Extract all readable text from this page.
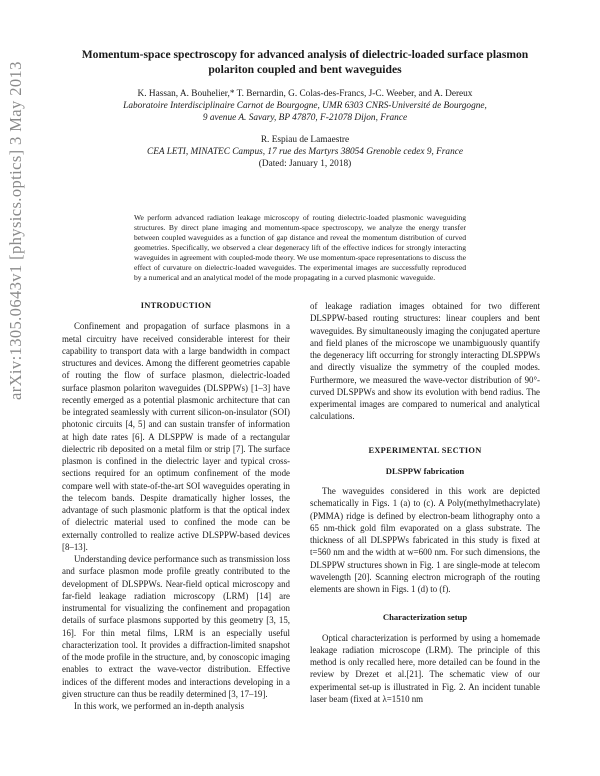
arXiv:1305.0643v1 [physics.optics] 3 May 2013
Momentum-space spectroscopy for advanced analysis of dielectric-loaded surface plasmon polariton coupled and bent waveguides
K. Hassan, A. Bouhelier,* T. Bernardin, G. Colas-des-Francs, J-C. Weeber, and A. Dereux
Laboratoire Interdisciplinaire Carnot de Bourgogne, UMR 6303 CNRS-Université de Bourgogne,
9 avenue A. Savary, BP 47870, F-21078 Dijon, France
R. Espiau de Lamaestre
CEA LETI, MINATEC Campus, 17 rue des Martyrs 38054 Grenoble cedex 9, France
(Dated: January 1, 2018)

We perform advanced radiation leakage microscopy of routing dielectric-loaded plasmonic waveguiding structures. By direct plane imaging and momentum-space spectroscopy, we analyze the energy transfer between coupled waveguides as a function of gap distance and reveal the momentum distribution of curved geometries. Specifically, we observed a clear degeneracy lift of the effective indices for strongly interacting waveguides in agreement with coupled-mode theory. We use momentum-space representations to discuss the effect of curvature on dielectric-loaded waveguides. The experimental images are successfully reproduced by a numerical and an analytical model of the mode propagating in a curved plasmonic waveguide.

INTRODUCTION

Confinement and propagation of surface plasmons in a metal circuitry have received considerable interest for their capability to transport data with a large bandwidth in compact structures and devices. Among the different geometries capable of routing the flow of surface plasmon, dielectric-loaded surface plasmon polariton waveguides (DLSPPWs) [1–3] have recently emerged as a potential plasmonic architecture that can be integrated seamlessly with current silicon-on-insulator (SOI) photonic circuits [4, 5] and can sustain transfer of information at high date rates [6]. A DLSPPW is made of a rectangular dielectric rib deposited on a metal film or strip [7]. The surface plasmon is confined in the dielectric layer and typical cross-sections required for an optimum confinement of the mode compare well with state-of-the-art SOI waveguides operating in the telecom bands. Despite dramatically higher losses, the advantage of such plasmonic platform is that the optical index of dielectric material used to confined the mode can be externally controlled to realize active DLSPPW-based devices [8–13].

Understanding device performance such as transmission loss and surface plasmon mode profile greatly contributed to the development of DLSPPWs. Near-field optical microscopy and far-field leakage radiation microscopy (LRM) [14] are instrumental for visualizing the confinement and propagation details of surface plasmons supported by this geometry [3, 15, 16]. For thin metal films, LRM is an especially useful characterization tool. It provides a diffraction-limited snapshot of the mode profile in the structure, and, by conoscopic imaging enables to extract the wave-vector distribution. Effective indices of the different modes and interactions developing in a given structure can thus be readily determined [3, 17–19].

In this work, we performed an in-depth analysis

of leakage radiation images obtained for two different DLSPPW-based routing structures: linear couplers and bent waveguides. By simultaneously imaging the conjugated aperture and field planes of the microscope we unambiguously quantify the degeneracy lift occurring for strongly interacting DLSPPWs and directly visualize the symmetry of the coupled modes. Furthermore, we measured the wave-vector distribution of 90°-curved DLSPPWs and show its evolution with bend radius. The experimental images are compared to numerical and analytical calculations.

EXPERIMENTAL SECTION
DLSPPW fabrication

The waveguides considered in this work are depicted schematically in Figs. 1 (a) to (c). A Poly(methylmethacrylate) (PMMA) ridge is defined by electron-beam lithography onto a 65 nm-thick gold film evaporated on a glass substrate. The thickness of all DLSPPWs fabricated in this study is fixed at t=560 nm and the width at w=600 nm. For such dimensions, the DLSPPW structures shown in Fig. 1 are single-mode at telecom wavelength [20]. Scanning electron micrograph of the routing elements are shown in Figs. 1 (d) to (f).

Characterization setup

Optical characterization is performed by using a homemade leakage radiation microscope (LRM). The principle of this method is only recalled here, more detailed can be found in the review by Drezet et al.[21]. The schematic view of our experimental set-up is illustrated in Fig. 2. An incident tunable laser beam (fixed at λ=1510 nm
